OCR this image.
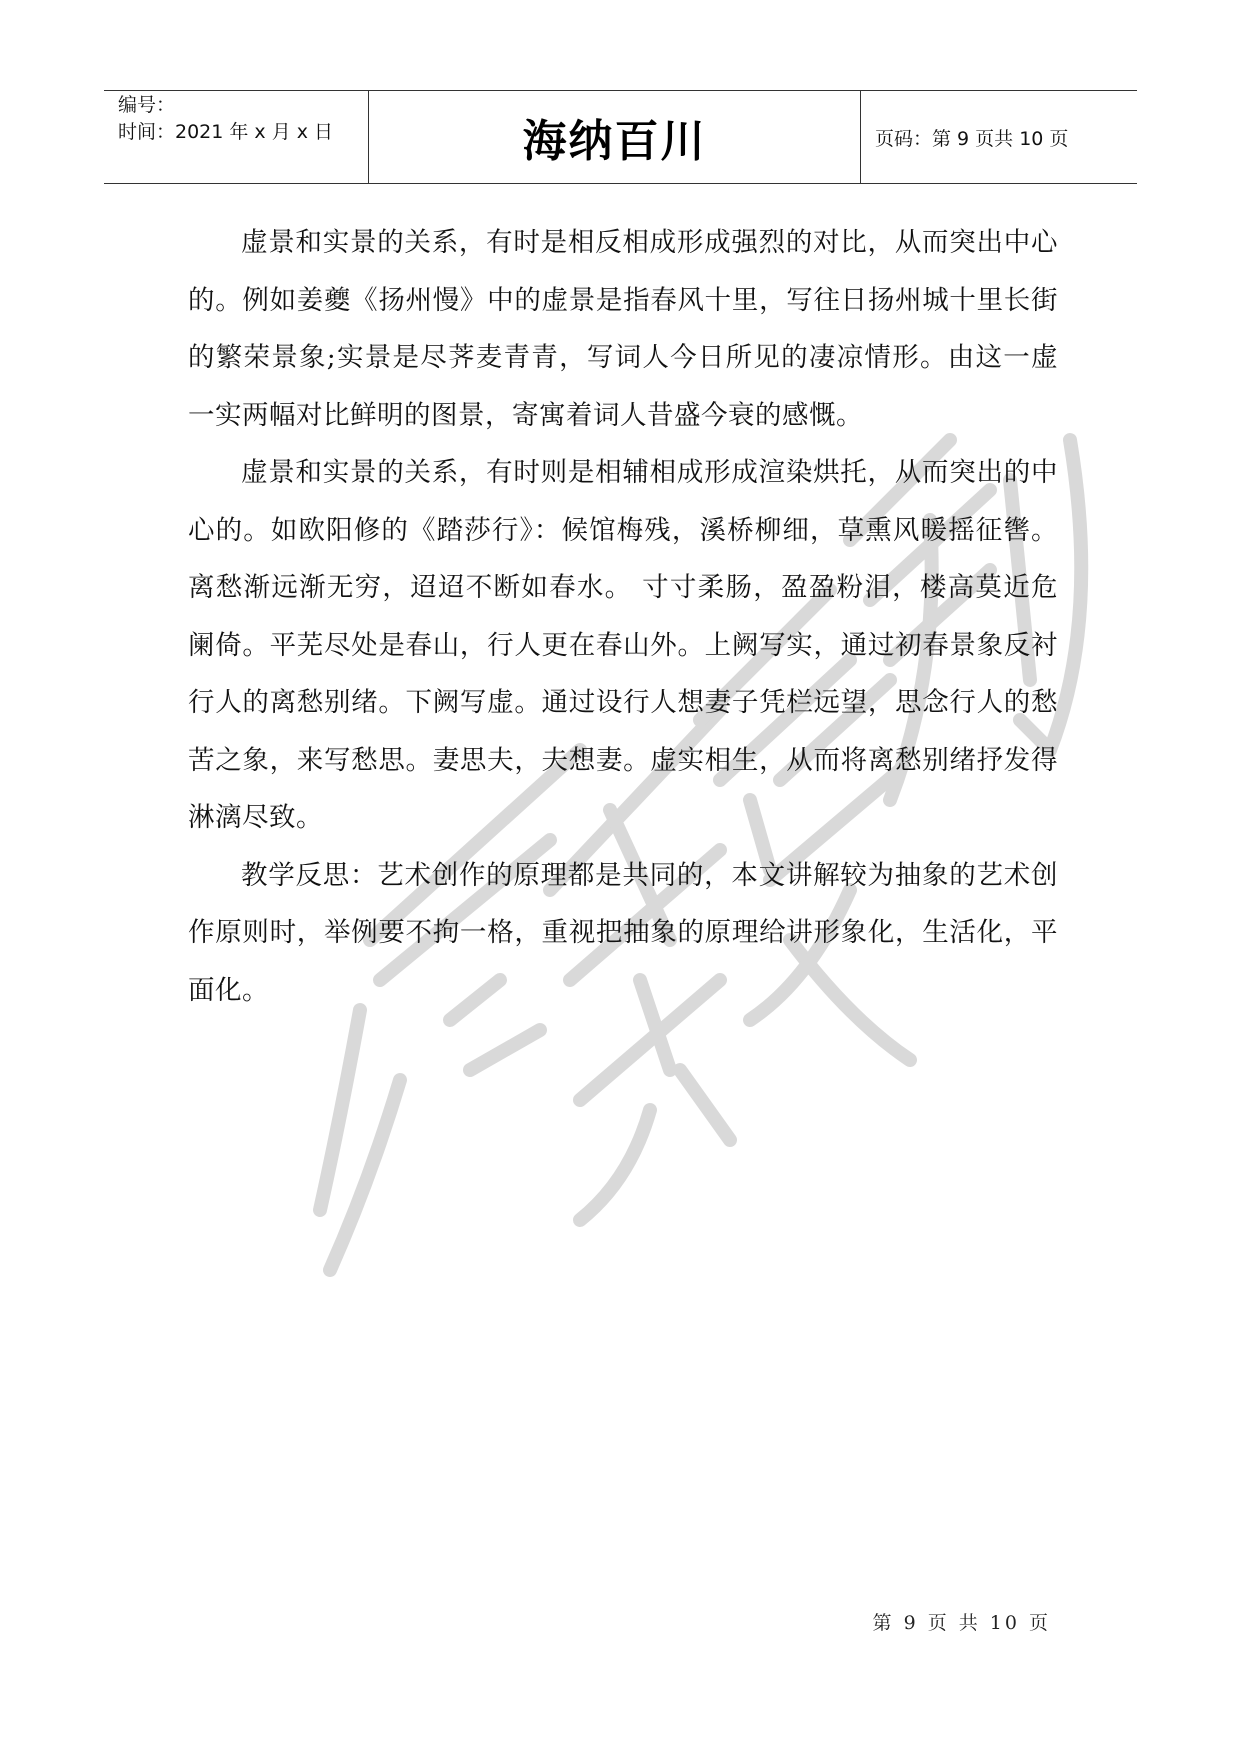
编号：
时间：2021 年 x 月 x 日	海纳百川	页码：第 9 页共 10 页

虚景和实景的关系，有时是相反相成形成强烈的对比，从而突出中心的。例如姜夔《扬州慢》中的虚景是指春风十里，写往日扬州城十里长街的繁荣景象;实景是尽荠麦青青，写词人今日所见的凄凉情形。由这一虚一实两幅对比鲜明的图景，寄寓着词人昔盛今衰的感慨。

虚景和实景的关系，有时则是相辅相成形成渲染烘托，从而突出的中心的。如欧阳修的《踏莎行》：候馆梅残，溪桥柳细，草熏风暖摇征辔。离愁渐远渐无穷，迢迢不断如春水。 寸寸柔肠，盈盈粉泪，楼高莫近危阑倚。平芜尽处是春山，行人更在春山外。上阙写实，通过初春景象反衬行人的离愁别绪。下阙写虚。通过设行人想妻子凭栏远望，思念行人的愁苦之象，来写愁思。妻思夫，夫想妻。虚实相生，从而将离愁别绪抒发得淋漓尽致。

教学反思：艺术创作的原理都是共同的，本文讲解较为抽象的艺术创作原则时，举例要不拘一格，重视把抽象的原理给讲形象化，生活化，平面化。

第 9 页 共 10 页
